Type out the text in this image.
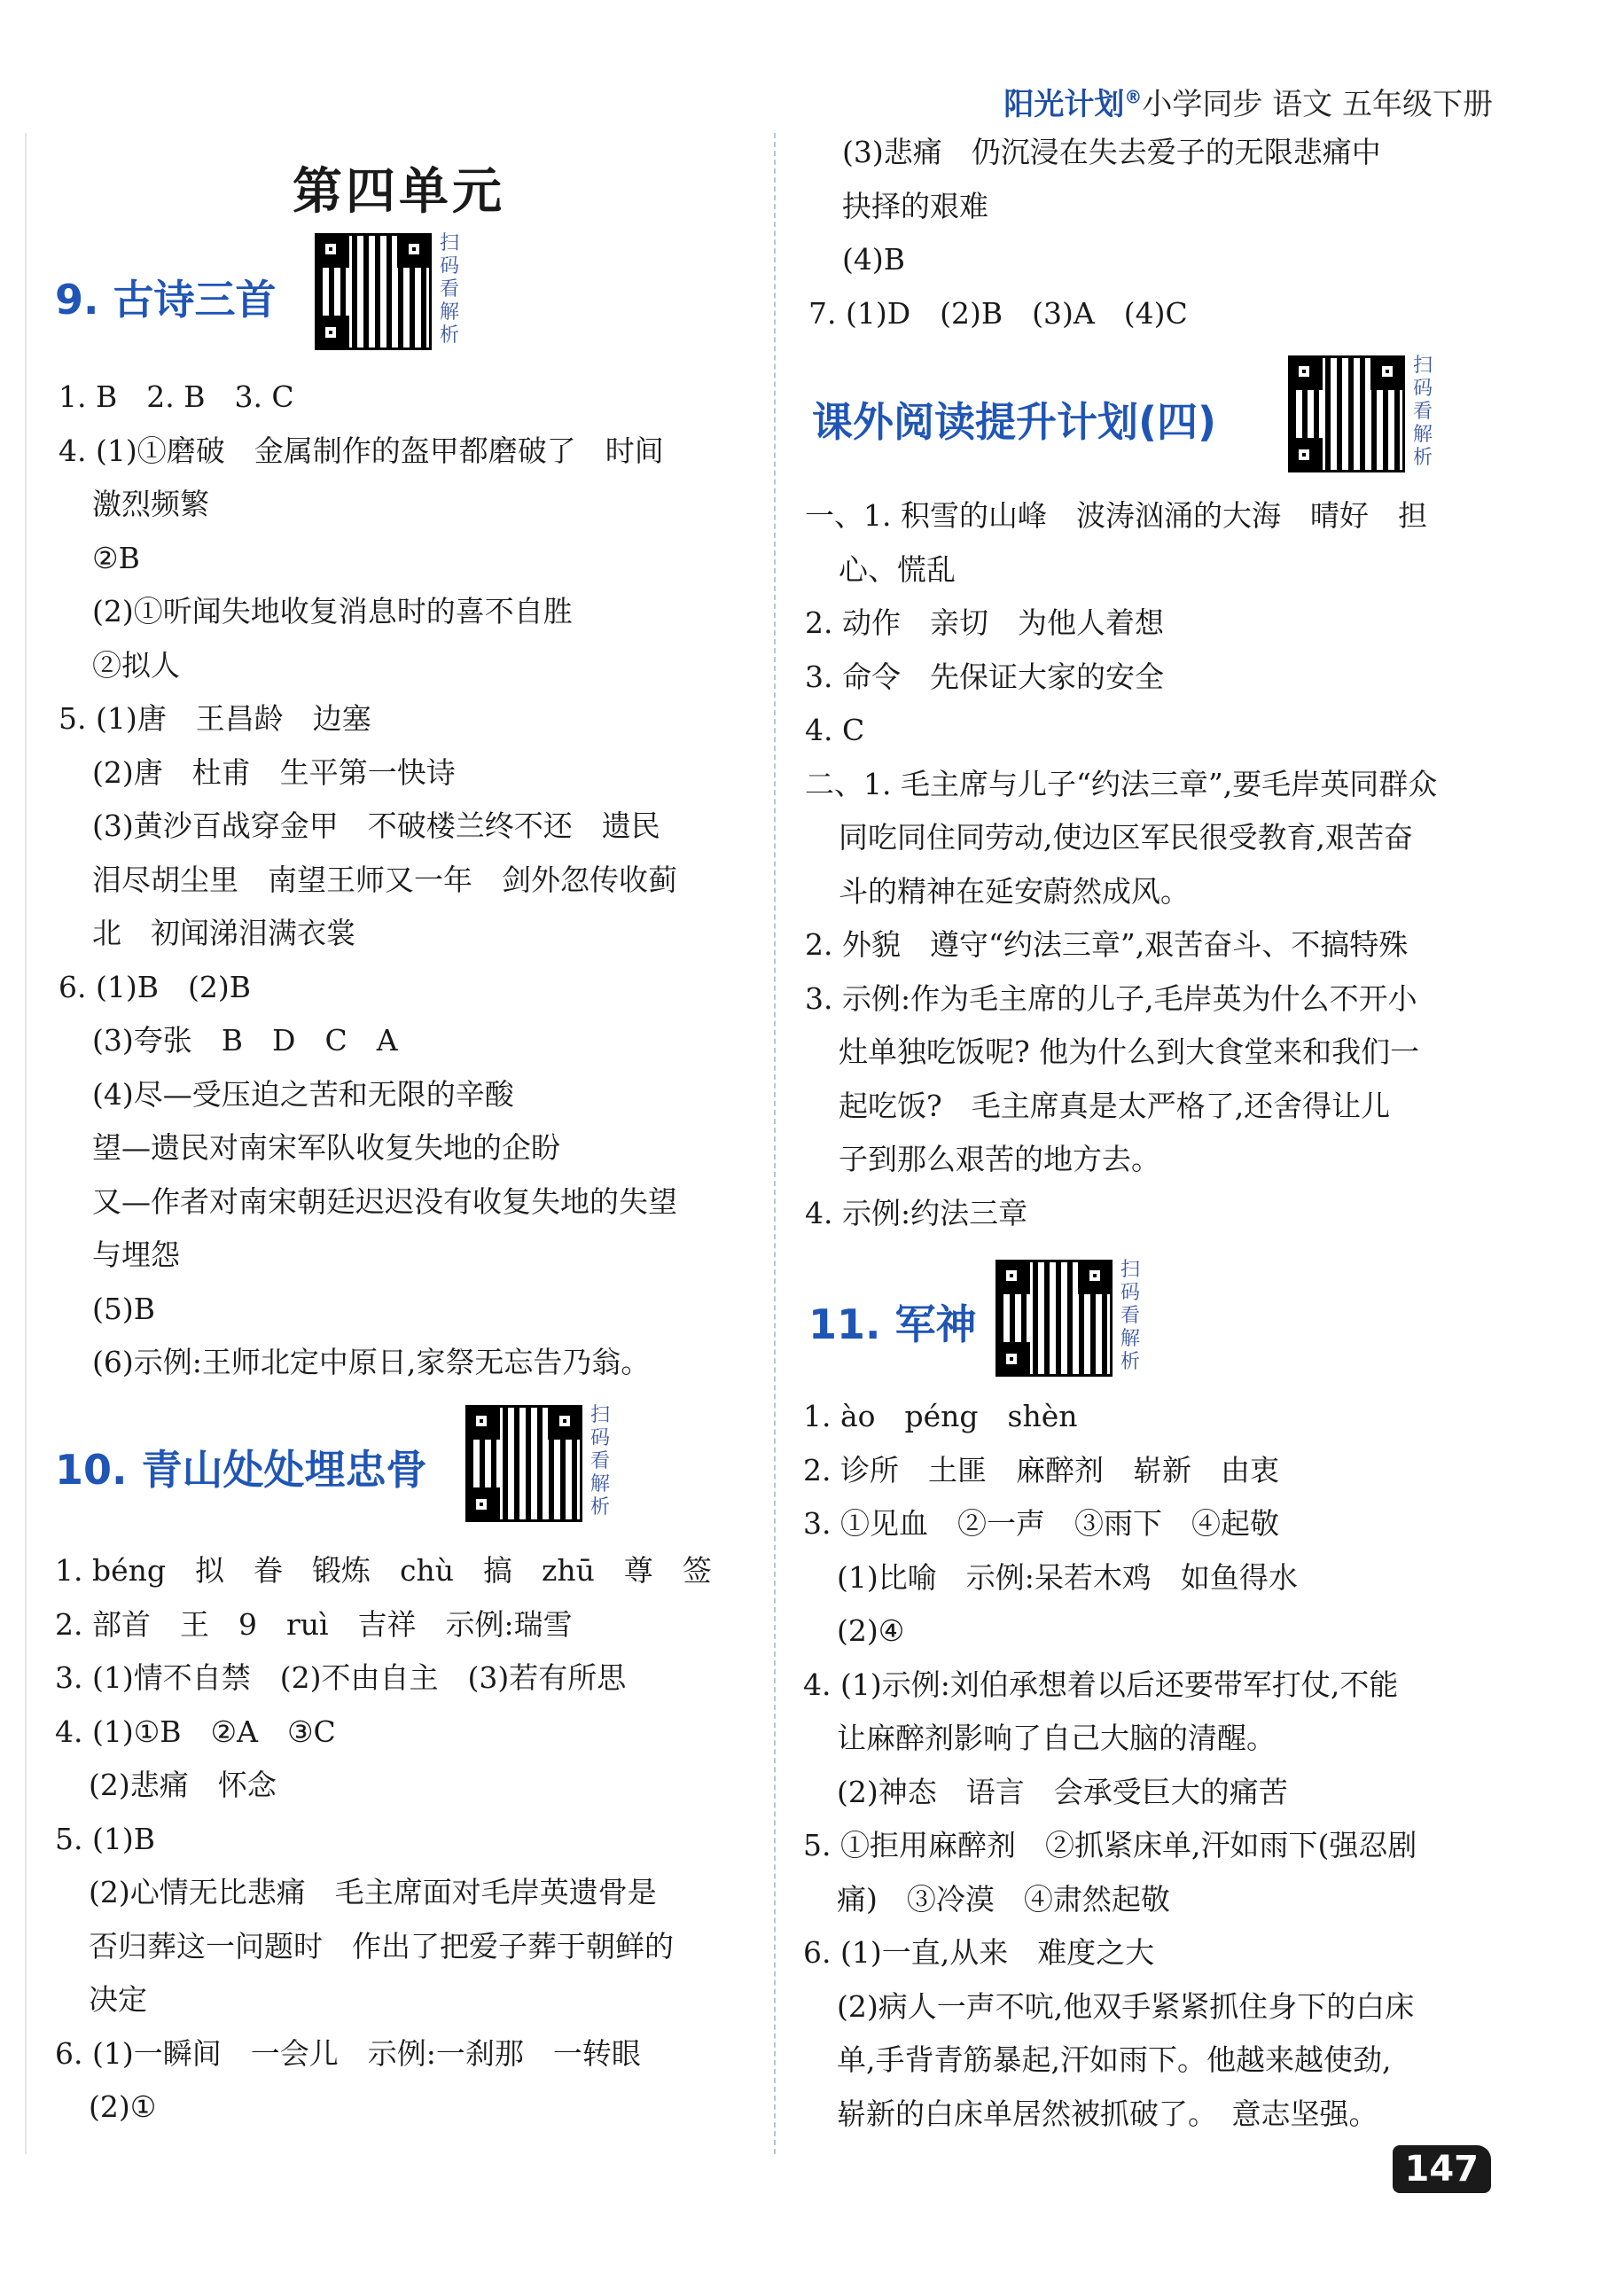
阳光计划®小学同步 语文 五年级下册
第四单元
9. 古诗三首
扫码看解析
10. 青山处处埋忠骨
扫码看解析
课外阅读提升计划(四)
扫码看解析
11. 军神
扫码看解析
147
1. B　2. B　3. C
4. (1)①磨破　金属制作的盔甲都磨破了　时间
激烈频繁
②B
(2)①听闻失地收复消息时的喜不自胜
②拟人
5. (1)唐　王昌龄　边塞
(2)唐　杜甫　生平第一快诗
(3)黄沙百战穿金甲　不破楼兰终不还　遗民
泪尽胡尘里　南望王师又一年　剑外忽传收蓟
北　初闻涕泪满衣裳
6. (1)B　(2)B
(3)夸张　B　D　C　A
(4)尽—受压迫之苦和无限的辛酸
望—遗民对南宋军队收复失地的企盼
又—作者对南宋朝廷迟迟没有收复失地的失望
与埋怨
(5)B
(6)示例:王师北定中原日,家祭无忘告乃翁。
1. béng　拟　眷　锻炼　chù　搞　zhū　尊　签
2. 部首　王　9　ruì　吉祥　示例:瑞雪
3. (1)情不自禁　(2)不由自主　(3)若有所思
4. (1)①B　②A　③C
(2)悲痛　怀念
5. (1)B
(2)心情无比悲痛　毛主席面对毛岸英遗骨是
否归葬这一问题时　作出了把爱子葬于朝鲜的
决定
6. (1)一瞬间　一会儿　示例:一刹那　一转眼
(2)①
(3)悲痛　仍沉浸在失去爱子的无限悲痛中
抉择的艰难
(4)B
7. (1)D　(2)B　(3)A　(4)C
一、1. 积雪的山峰　波涛汹涌的大海　晴好　担
心、慌乱
2. 动作　亲切　为他人着想
3. 命令　先保证大家的安全
4. C
二、1. 毛主席与儿子“约法三章”,要毛岸英同群众
同吃同住同劳动,使边区军民很受教育,艰苦奋
斗的精神在延安蔚然成风。
2. 外貌　遵守“约法三章”,艰苦奋斗、不搞特殊
3. 示例:作为毛主席的儿子,毛岸英为什么不开小
灶单独吃饭呢? 他为什么到大食堂来和我们一
起吃饭?　毛主席真是太严格了,还舍得让儿
子到那么艰苦的地方去。
4. 示例:约法三章
1. ào　péng　shèn
2. 诊所　土匪　麻醉剂　崭新　由衷
3. ①见血　②一声　③雨下　④起敬
(1)比喻　示例:呆若木鸡　如鱼得水
(2)④
4. (1)示例:刘伯承想着以后还要带军打仗,不能
让麻醉剂影响了自己大脑的清醒。
(2)神态　语言　会承受巨大的痛苦
5. ①拒用麻醉剂　②抓紧床单,汗如雨下(强忍剧
痛)　③冷漠　④肃然起敬
6. (1)一直,从来　难度之大
(2)病人一声不吭,他双手紧紧抓住身下的白床
单,手背青筋暴起,汗如雨下。他越来越使劲,
崭新的白床单居然被抓破了。　意志坚强。
